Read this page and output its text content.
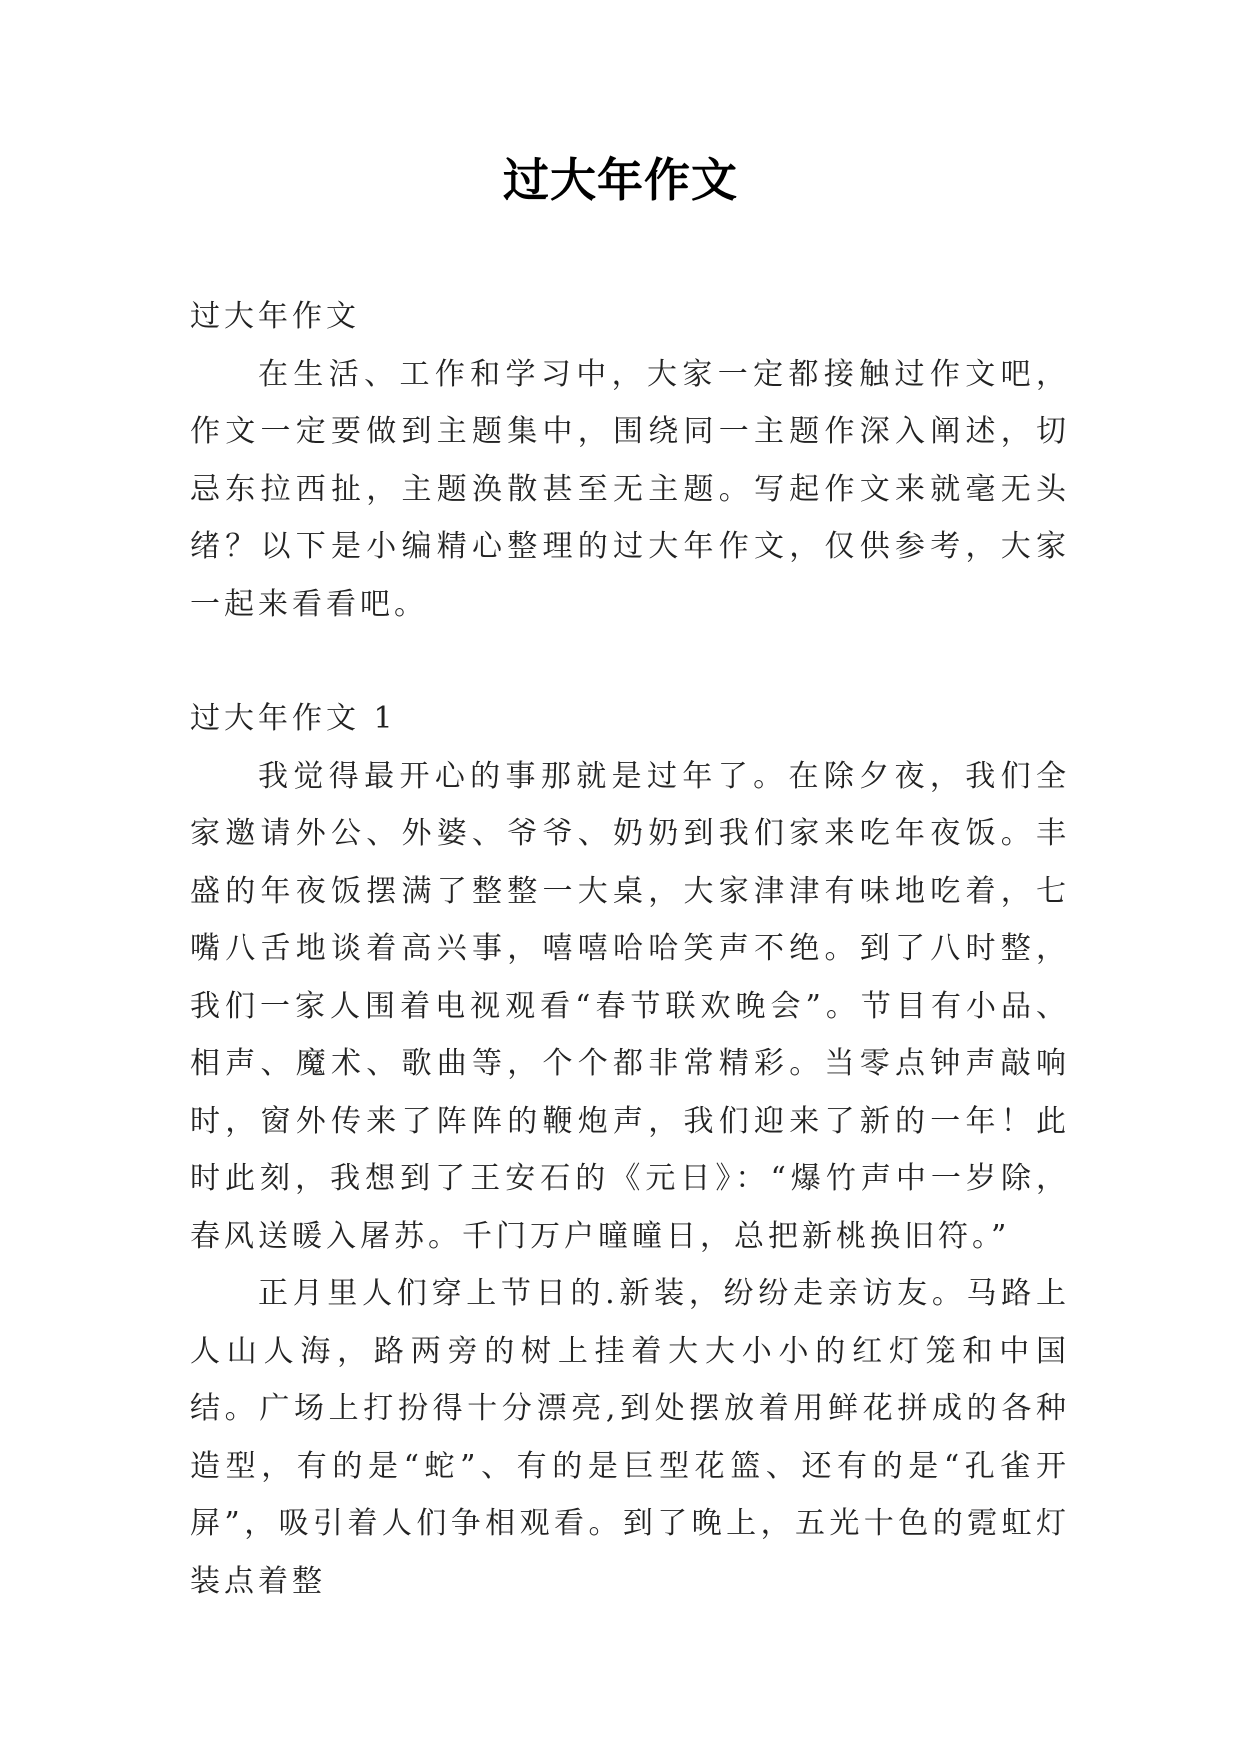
过大年作文

过大年作文

在生活、工作和学习中，大家一定都接触过作文吧，作文一定要做到主题集中，围绕同一主题作深入阐述，切忌东拉西扯，主题涣散甚至无主题。写起作文来就毫无头绪？以下是小编精心整理的过大年作文，仅供参考，大家一起来看看吧。

过大年作文 1

我觉得最开心的事那就是过年了。在除夕夜，我们全家邀请外公、外婆、爷爷、奶奶到我们家来吃年夜饭。丰盛的年夜饭摆满了整整一大桌，大家津津有味地吃着，七嘴八舌地谈着高兴事，嘻嘻哈哈笑声不绝。到了八时整，我们一家人围着电视观看“春节联欢晚会”。节目有小品、相声、魔术、歌曲等，个个都非常精彩。当零点钟声敲响时，窗外传来了阵阵的鞭炮声，我们迎来了新的一年！此时此刻，我想到了王安石的《元日》：“爆竹声中一岁除，春风送暖入屠苏。千门万户曈曈日，总把新桃换旧符。”

正月里人们穿上节日的.新装，纷纷走亲访友。马路上人山人海，路两旁的树上挂着大大小小的红灯笼和中国结。广场上打扮得十分漂亮,到处摆放着用鲜花拼成的各种造型，有的是“蛇”、有的是巨型花篮、还有的是“孔雀开屏”，吸引着人们争相观看。到了晚上，五光十色的霓虹灯装点着整
